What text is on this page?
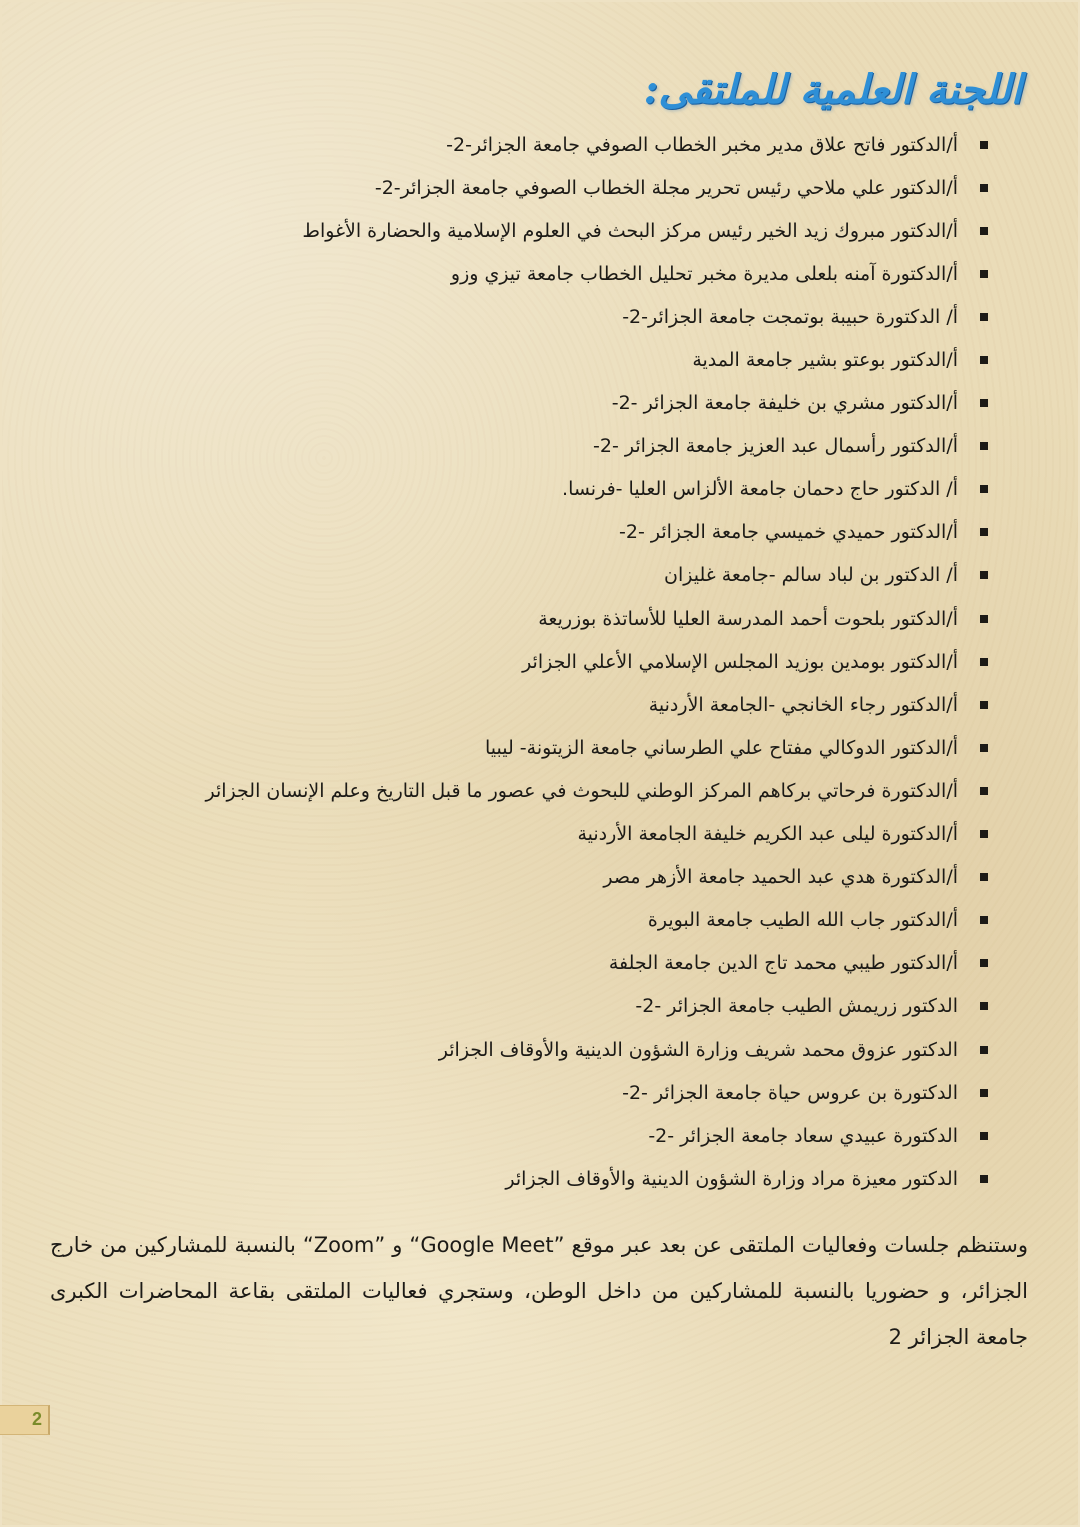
اللجنة العلمية للملتقى:
أ/الدكتور فاتح علاق مدير مخبر الخطاب الصوفي جامعة الجزائر-2-
أ/الدكتور علي ملاحي رئيس تحرير مجلة الخطاب الصوفي جامعة الجزائر-2-
أ/الدكتور مبروك زيد الخير رئيس مركز البحث في العلوم الإسلامية والحضارة الأغواط
أ/الدكتورة آمنه بلعلى مديرة مخبر تحليل الخطاب جامعة تيزي وزو
أ/ الدكتورة حبيبة بوتمجت جامعة الجزائر-2-
أ/الدكتور بوعتو بشير جامعة المدية
أ/الدكتور مشري بن خليفة جامعة الجزائر -2-
أ/الدكتور رأسمال عبد العزيز جامعة الجزائر -2-
أ/ الدكتور حاج دحمان جامعة الألزاس العليا -فرنسا.
أ/الدكتور حميدي خميسي جامعة الجزائر -2-
أ/ الدكتور بن لباد سالم -جامعة غليزان
أ/الدكتور بلحوت أحمد المدرسة العليا للأساتذة بوزريعة
أ/الدكتور بومدين بوزيد المجلس الإسلامي الأعلي الجزائر
أ/الدكتور رجاء الخانجي -الجامعة الأردنية
أ/الدكتور الدوكالي مفتاح علي الطرساني جامعة الزيتونة- ليبيا
أ/الدكتورة فرحاتي بركاهم المركز الوطني للبحوث في عصور ما قبل التاريخ وعلم الإنسان الجزائر
أ/الدكتورة ليلى عبد الكريم خليفة الجامعة الأردنية
أ/الدكتورة هدي عبد الحميد جامعة الأزهر مصر
أ/الدكتور جاب الله الطيب جامعة البويرة
أ/الدكتور طيبي محمد تاج الدين جامعة الجلفة
الدكتور زريمش الطيب جامعة الجزائر -2-
الدكتور عزوق محمد شريف وزارة الشؤون الدينية والأوقاف الجزائر
الدكتورة بن عروس حياة جامعة الجزائر -2-
الدكتورة عبيدي سعاد جامعة الجزائر -2-
الدكتور معيزة مراد وزارة الشؤون الدينية والأوقاف الجزائر

وستنظم جلسات وفعاليات الملتقى عن بعد عبر موقع ”Google Meet“ و ”Zoom“ بالنسبة للمشاركين من خارج الجزائر، و حضوريا بالنسبة للمشاركين من داخل الوطن، وستجري فعاليات الملتقى بقاعة المحاضرات الكبرى جامعة الجزائر 2

2
